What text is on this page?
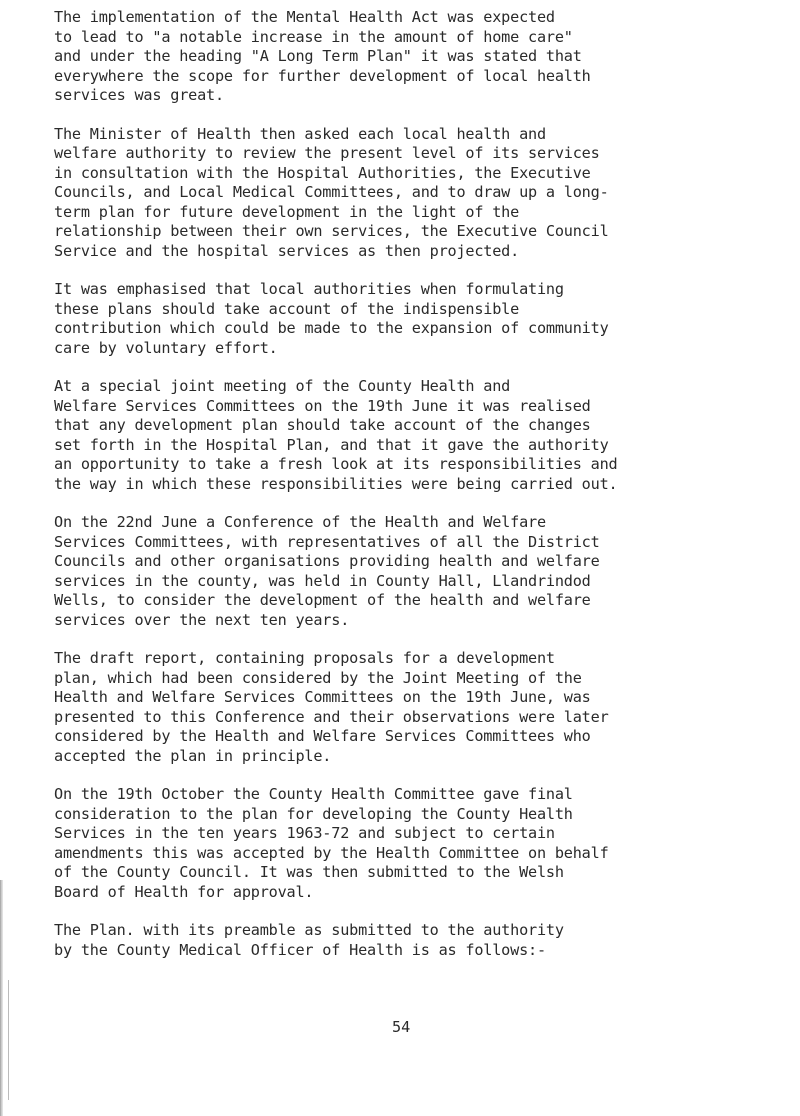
The implementation of the Mental Health Act was expected
to lead to "a notable increase in the amount of home care"
and under the heading "A Long Term Plan" it was stated that
everywhere the scope for further development of local health
services was great.
The Minister of Health then asked each local health and
welfare authority to review the present level of its services
in consultation with the Hospital Authorities, the Executive
Councils, and Local Medical Committees, and to draw up a long-
term plan for future development in the light of the
relationship between their own services, the Executive Council
Service and the hospital services as then projected.
It was emphasised that local authorities when formulating
these plans should take account of the indispensible
contribution which could be made to the expansion of community
care by voluntary effort.
At a special joint meeting of the County Health and
Welfare Services Committees on the 19th June it was realised
that any development plan should take account of the changes
set forth in the Hospital Plan, and that it gave the authority
an opportunity to take a fresh look at its responsibilities and
the way in which these responsibilities were being carried out.
On the 22nd June a Conference of the Health and Welfare
Services Committees, with representatives of all the District
Councils and other organisations providing health and welfare
services in the county, was held in County Hall, Llandrindod
Wells, to consider the development of the health and welfare
services over the next ten years.
The draft report, containing proposals for a development
plan, which had been considered by the Joint Meeting of the
Health and Welfare Services Committees on the 19th June, was
presented to this Conference and their observations were later
considered by the Health and Welfare Services Committees who
accepted the plan in principle.
On the 19th October the County Health Committee gave final
consideration to the plan for developing the County Health
Services in the ten years 1963-72 and subject to certain
amendments this was accepted by the Health Committee on behalf
of the County Council. It was then submitted to the Welsh
Board of Health for approval.
The Plan. with its preamble as submitted to the authority
by the County Medical Officer of Health is as follows:-
54
